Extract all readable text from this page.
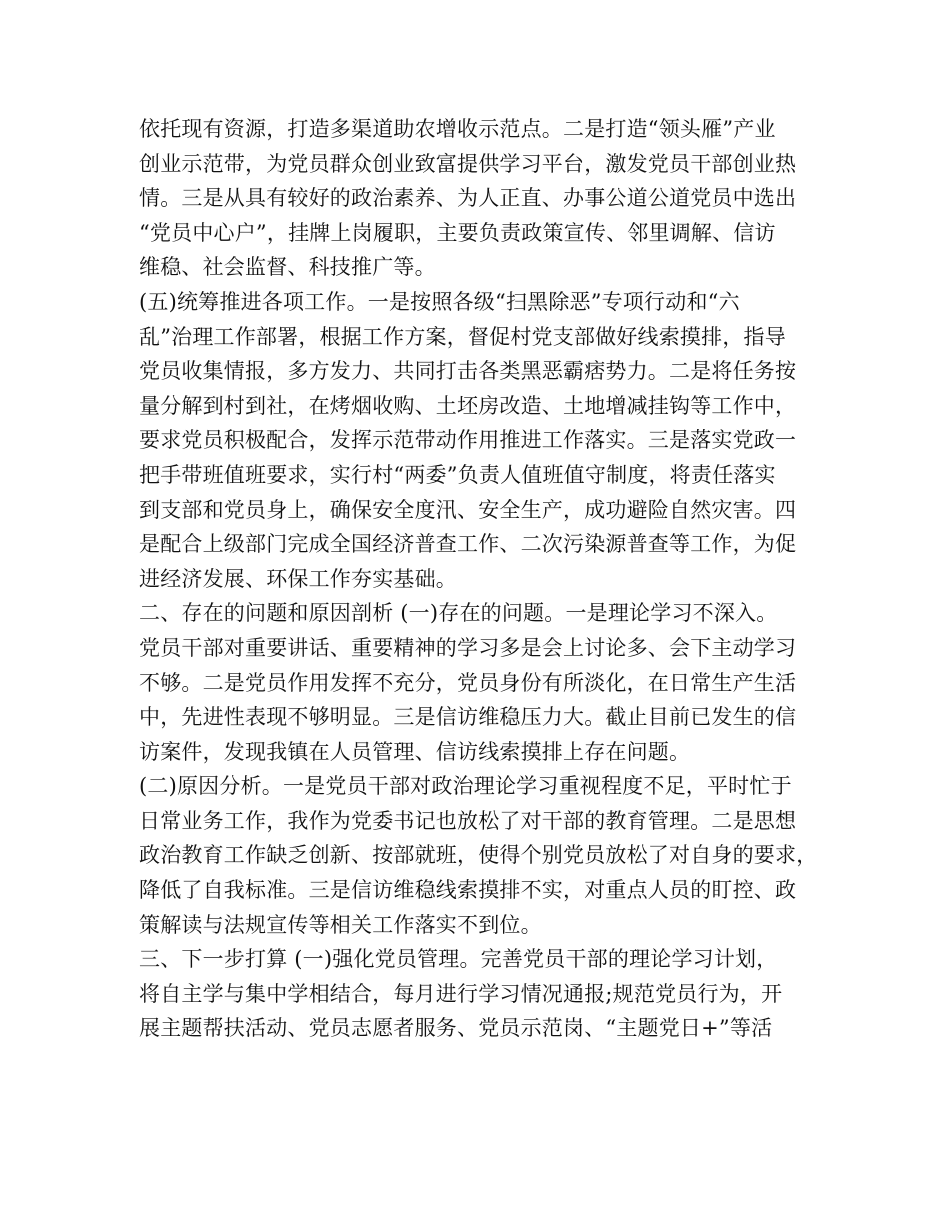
依托现有资源，打造多渠道助农增收示范点。二是打造“领头雁”产业
创业示范带，为党员群众创业致富提供学习平台，激发党员干部创业热
情。三是从具有较好的政治素养、为人正直、办事公道公道党员中选出
“党员中心户”，挂牌上岗履职，主要负责政策宣传、邻里调解、信访
维稳、社会监督、科技推广等。
(五)统筹推进各项工作。一是按照各级“扫黑除恶”专项行动和“六
乱”治理工作部署，根据工作方案，督促村党支部做好线索摸排，指导
党员收集情报，多方发力、共同打击各类黑恶霸痞势力。二是将任务按
量分解到村到社，在烤烟收购、土坯房改造、土地增减挂钩等工作中，
要求党员积极配合，发挥示范带动作用推进工作落实。三是落实党政一
把手带班值班要求，实行村“两委”负责人值班值守制度，将责任落实
到支部和党员身上，确保安全度汛、安全生产，成功避险自然灾害。四
是配合上级部门完成全国经济普查工作、二次污染源普查等工作，为促
进经济发展、环保工作夯实基础。
二、存在的问题和原因剖析 (一)存在的问题。一是理论学习不深入。
党员干部对重要讲话、重要精神的学习多是会上讨论多、会下主动学习
不够。二是党员作用发挥不充分，党员身份有所淡化，在日常生产生活
中，先进性表现不够明显。三是信访维稳压力大。截止目前已发生的信
访案件，发现我镇在人员管理、信访线索摸排上存在问题。
(二)原因分析。一是党员干部对政治理论学习重视程度不足，平时忙于
日常业务工作，我作为党委书记也放松了对干部的教育管理。二是思想
政治教育工作缺乏创新、按部就班，使得个别党员放松了对自身的要求，
降低了自我标准。三是信访维稳线索摸排不实，对重点人员的盯控、政
策解读与法规宣传等相关工作落实不到位。
三、下一步打算 (一)强化党员管理。完善党员干部的理论学习计划，
将自主学与集中学相结合，每月进行学习情况通报;规范党员行为，开
展主题帮扶活动、党员志愿者服务、党员示范岗、“主题党日+”等活
